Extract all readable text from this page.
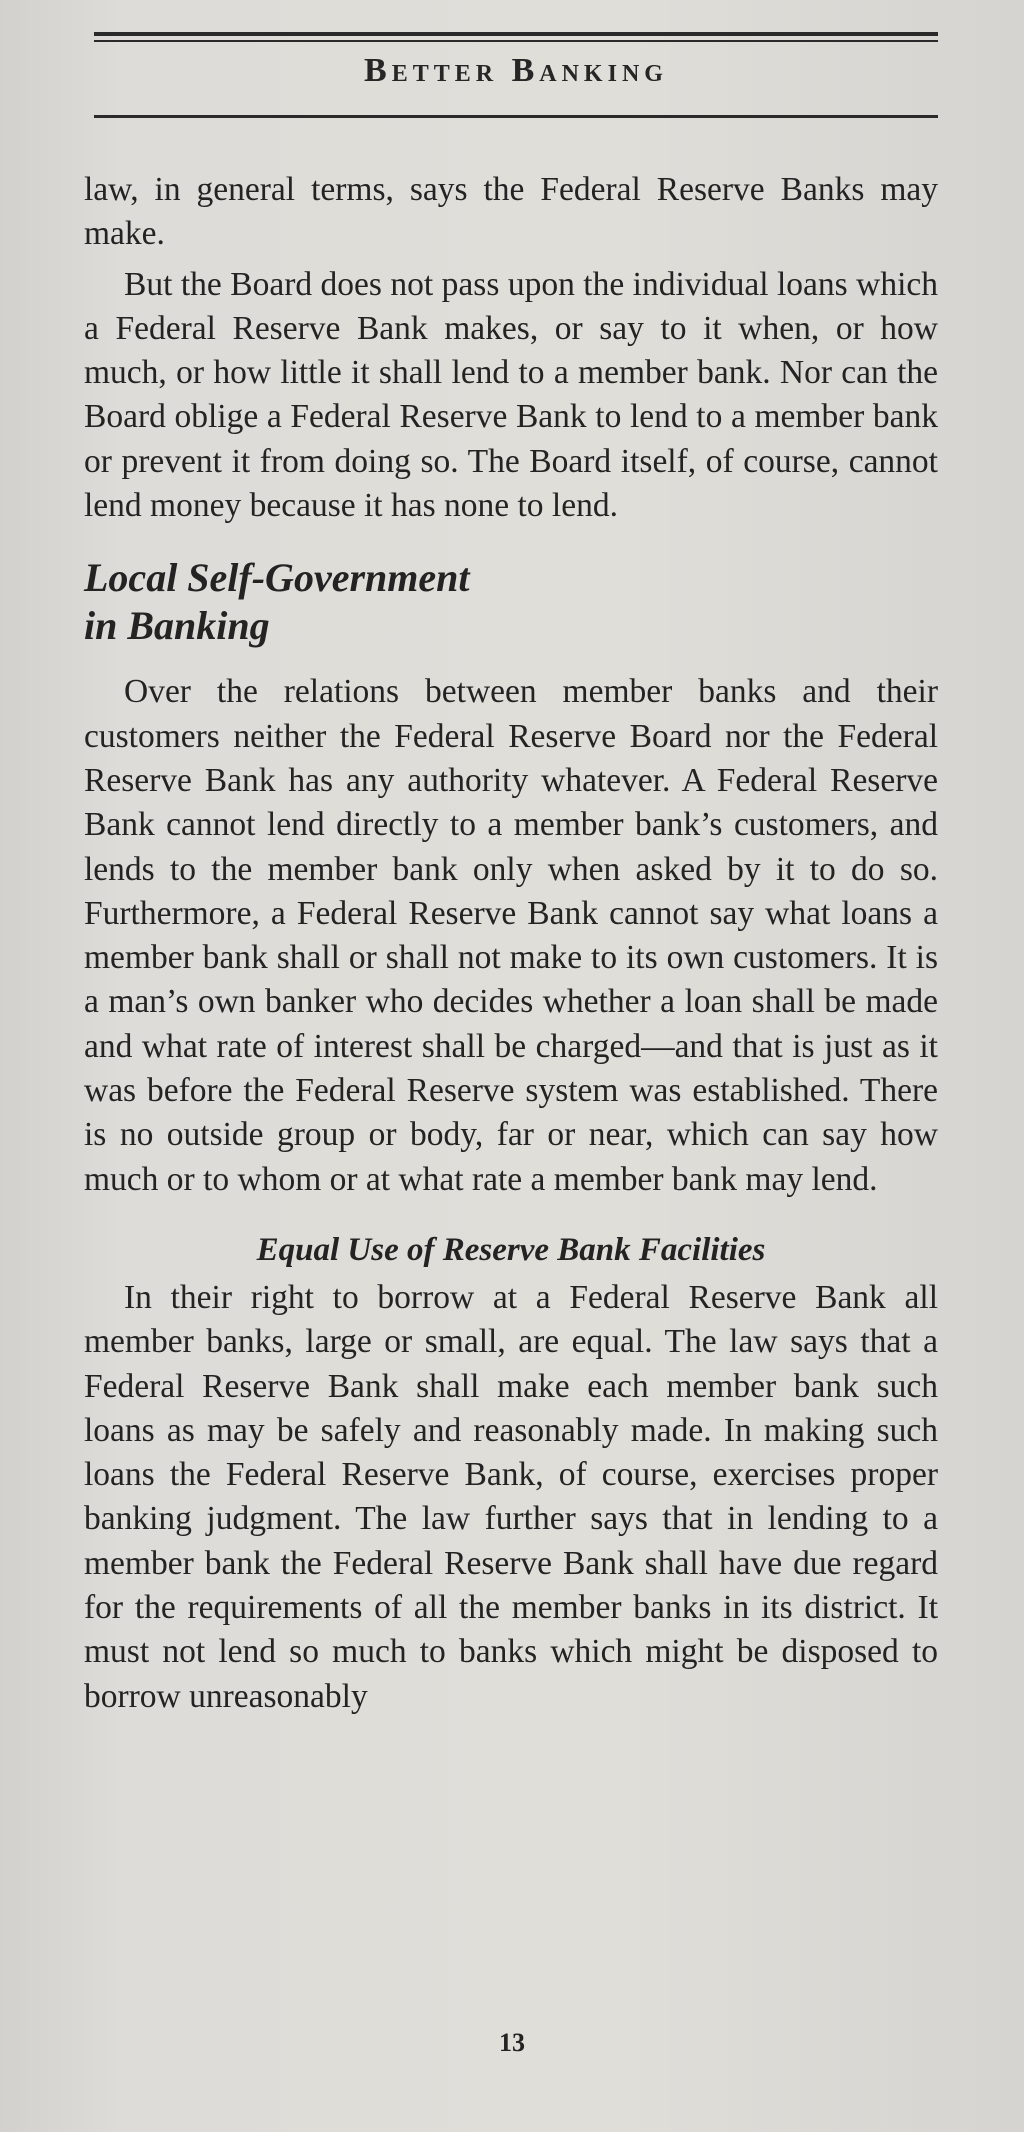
Better Banking

law, in general terms, says the Federal Reserve Banks may make.

But the Board does not pass upon the individual loans which a Federal Reserve Bank makes, or say to it when, or how much, or how little it shall lend to a member bank. Nor can the Board oblige a Federal Reserve Bank to lend to a member bank or prevent it from doing so. The Board itself, of course, cannot lend money because it has none to lend.

Local Self-Government
in Banking

Over the relations between member banks and their customers neither the Federal Reserve Board nor the Federal Reserve Bank has any authority whatever. A Federal Reserve Bank cannot lend directly to a member bank’s customers, and lends to the member bank only when asked by it to do so. Furthermore, a Federal Reserve Bank cannot say what loans a member bank shall or shall not make to its own customers. It is a man’s own banker who decides whether a loan shall be made and what rate of interest shall be charged—and that is just as it was before the Federal Reserve system was established. There is no outside group or body, far or near, which can say how much or to whom or at what rate a member bank may lend.

Equal Use of Reserve Bank Facilities

In their right to borrow at a Federal Reserve Bank all member banks, large or small, are equal. The law says that a Federal Reserve Bank shall make each member bank such loans as may be safely and reasonably made. In making such loans the Federal Reserve Bank, of course, exercises proper banking judgment. The law further says that in lending to a member bank the Federal Reserve Bank shall have due regard for the requirements of all the member banks in its district. It must not lend so much to banks which might be disposed to borrow unreasonably

13
